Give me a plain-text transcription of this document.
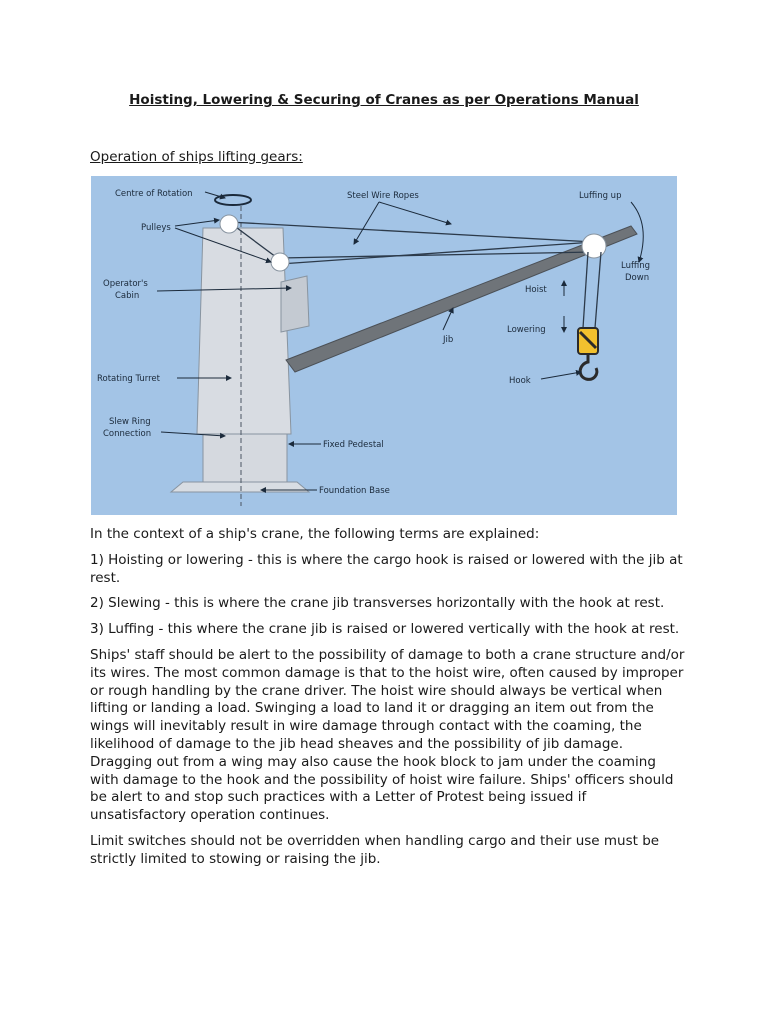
Hoisting, Lowering & Securing of Cranes as per Operations Manual
Operation of ships lifting gears:
Centre of Rotation	Steel Wire Ropes	Luffing up
Pulleys
Operator's
Cabin
Luffing
Down
Hoist
Lowering
Jib
Rotating Turret	Hook
Slew Ring
Connection
Fixed Pedestal
Foundation Base

In the context of a ship's crane, the following terms are explained:

1) Hoisting or lowering - this is where the cargo hook is raised or lowered with the jib at rest.

2) Slewing - this is where the crane jib transverses horizontally with the hook at rest.

3) Luffing - this where the crane jib is raised or lowered vertically with the hook at rest.

Ships' staff should be alert to the possibility of damage to both a crane structure and/or its wires. The most common damage is that to the hoist wire, often caused by improper or rough handling by the crane driver. The hoist wire should always be vertical when lifting or landing a load. Swinging a load to land it or dragging an item out from the wings will inevitably result in wire damage through contact with the coaming, the likelihood of damage to the jib head sheaves and the possibility of jib damage. Dragging out from a wing may also cause the hook block to jam under the coaming with damage to the hook and the possibility of hoist wire failure. Ships' officers should be alert to and stop such practices with a Letter of Protest being issued if unsatisfactory operation continues.

Limit switches should not be overridden when handling cargo and their use must be strictly limited to stowing or raising the jib.
